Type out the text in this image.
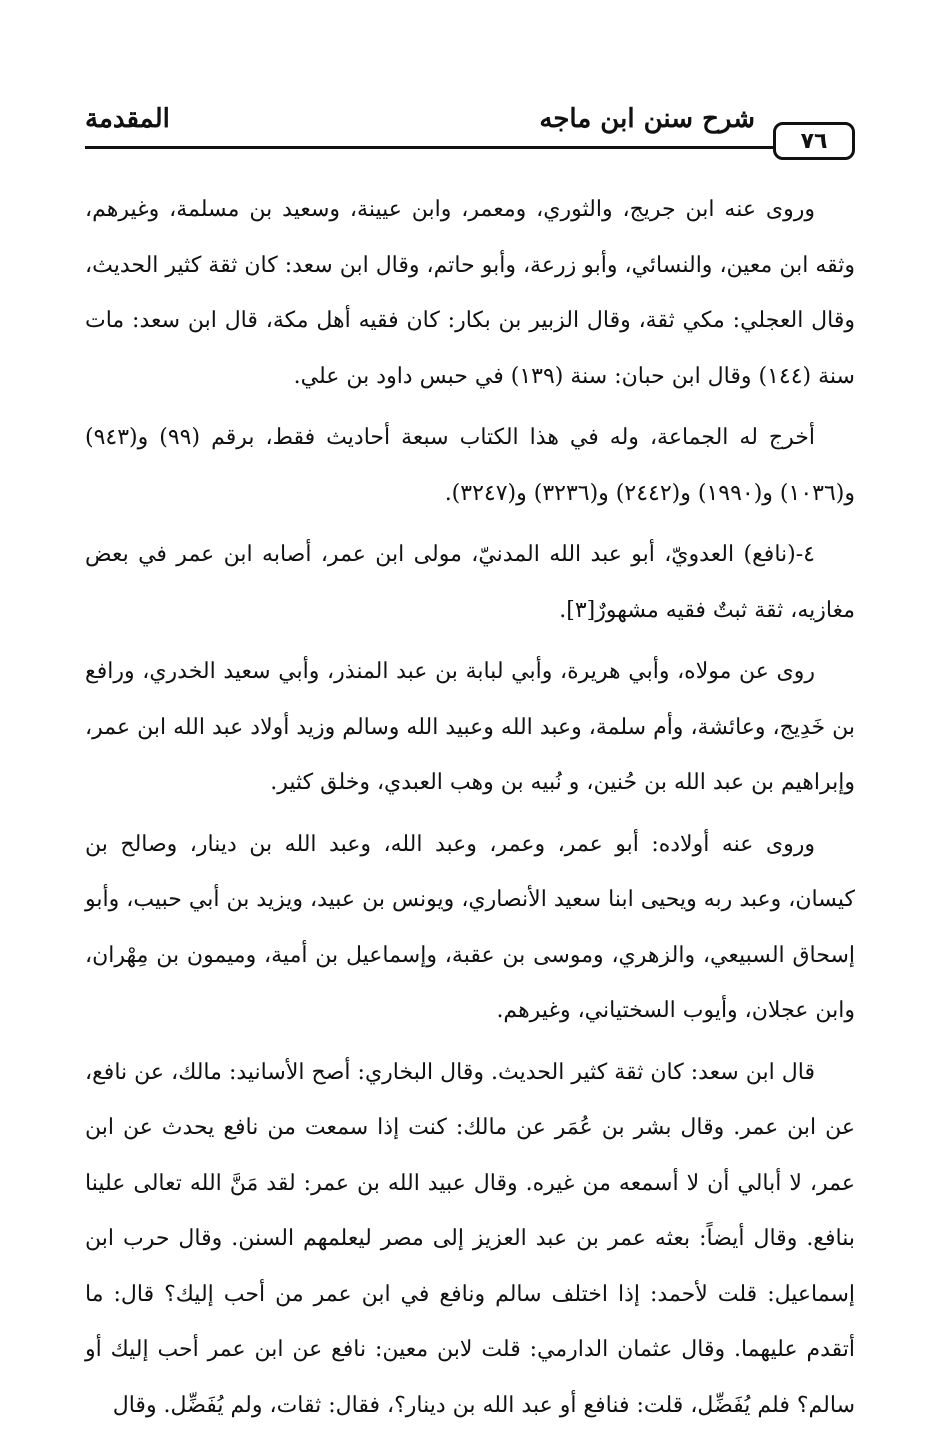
٧٦
شرح سنن ابن ماجه
المقدمة

وروى عنه ابن جريج، والثوري، ومعمر، وابن عيينة، وسعيد بن مسلمة، وغيرهم، وثقه ابن معين، والنسائي، وأبو زرعة، وأبو حاتم، وقال ابن سعد: كان ثقة كثير الحديث، وقال العجلي: مكي ثقة، وقال الزبير بن بكار: كان فقيه أهل مكة، قال ابن سعد: مات سنة (١٤٤) وقال ابن حبان: سنة (١٣٩) في حبس داود بن علي.

أخرج له الجماعة، وله في هذا الكتاب سبعة أحاديث فقط، برقم (٩٩) و(٩٤٣) و(١٠٣٦) و(١٩٩٠) و(٢٤٤٢) و(٣٢٣٦) و(٣٢٤٧).

٤-(نافع) العدويّ، أبو عبد الله المدنيّ، مولى ابن عمر، أصابه ابن عمر في بعض مغازيه، ثقة ثبتٌ فقيه مشهورٌ[٣].

روى عن مولاه، وأبي هريرة، وأبي لبابة بن عبد المنذر، وأبي سعيد الخدري، ورافع بن خَدِيج، وعائشة، وأم سلمة، وعبد الله وعبيد الله وسالم وزيد أولاد عبد الله ابن عمر، وإبراهيم بن عبد الله بن حُنين، و نُبيه بن وهب العبدي، وخلق كثير.

وروى عنه أولاده: أبو عمر، وعمر، وعبد الله، وعبد الله بن دينار، وصالح بن كيسان، وعبد ربه ويحيى ابنا سعيد الأنصاري، ويونس بن عبيد، ويزيد بن أبي حبيب، وأبو إسحاق السبيعي، والزهري، وموسى بن عقبة، وإسماعيل بن أمية، وميمون بن مِهْران، وابن عجلان، وأيوب السختياني، وغيرهم.

قال ابن سعد: كان ثقة كثير الحديث. وقال البخاري: أصح الأسانيد: مالك، عن نافع، عن ابن عمر. وقال بشر بن عُمَر عن مالك: كنت إذا سمعت من نافع يحدث عن ابن عمر، لا أبالي أن لا أسمعه من غيره. وقال عبيد الله بن عمر: لقد مَنَّ الله تعالى علينا بنافع. وقال أيضاً: بعثه عمر بن عبد العزيز إلى مصر ليعلمهم السنن. وقال حرب ابن إسماعيل: قلت لأحمد: إذا اختلف سالم ونافع في ابن عمر من أحب إليك؟ قال: ما أتقدم عليهما. وقال عثمان الدارمي: قلت لابن معين: نافع عن ابن عمر أحب إليك أو سالم؟ فلم يُفَضِّل، قلت: فنافع أو عبد الله بن دينار؟، فقال: ثقات، ولم يُفَضِّل. وقال
